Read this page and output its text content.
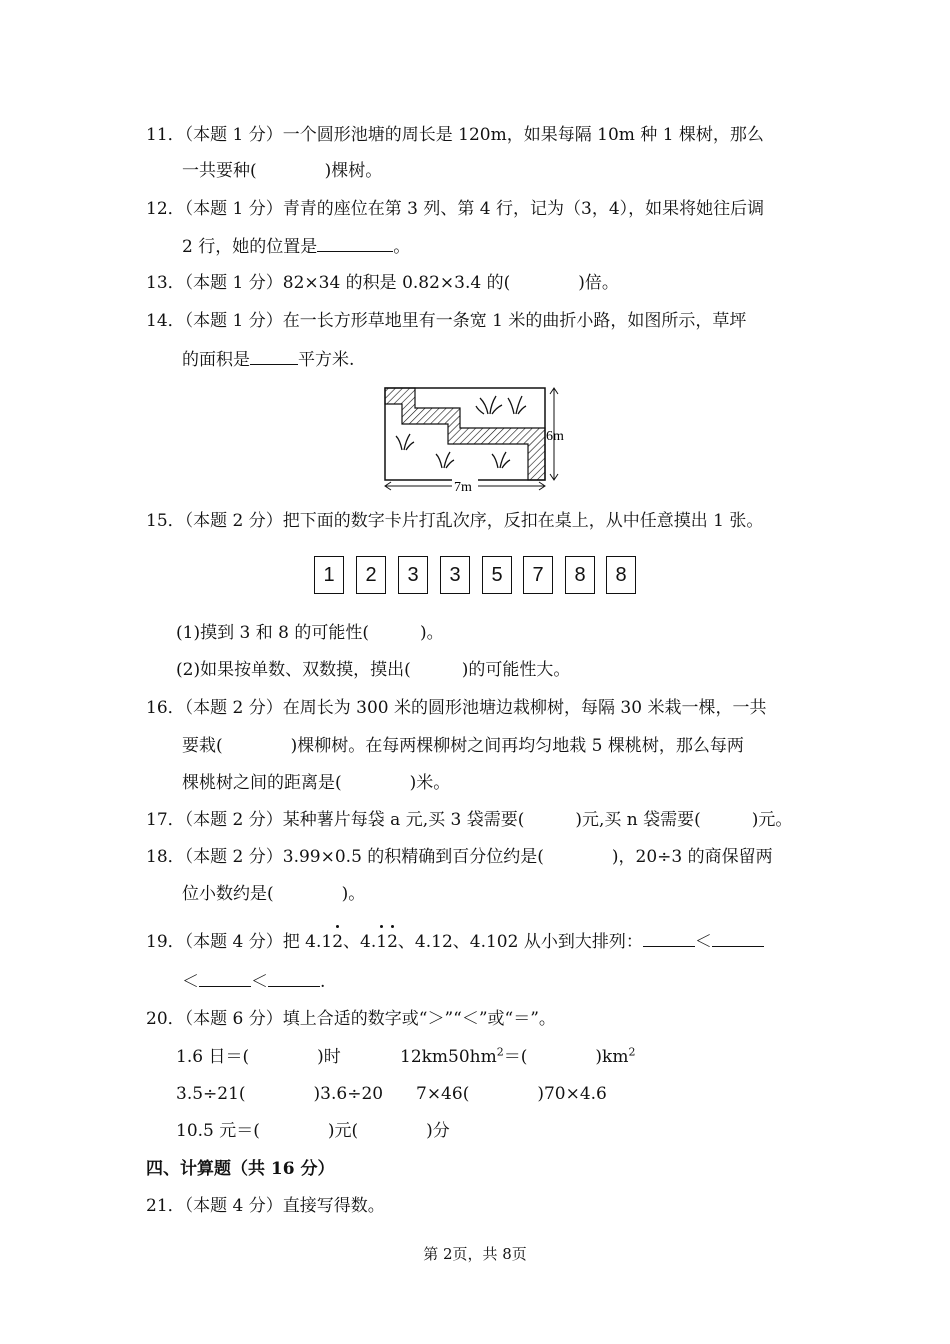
11．（本题 1 分）一个圆形池塘的周长是 120m，如果每隔 10m 种 1 棵树，那么
一共要种(　　　　)棵树。
12．（本题 1 分）青青的座位在第 3 列、第 4 行，记为（3，4），如果将她往后调
2 行，她的位置是	。
13．（本题 1 分）82×34 的积是 0.82×3.4 的(　　　　)倍。
14．（本题 1 分）在一长方形草地里有一条宽 1 米的曲折小路，如图所示，草坪
的面积是	平方米.
6m
7m
15．（本题 2 分）把下面的数字卡片打乱次序，反扣在桌上，从中任意摸出 1 张。
1	2	3	3	5	7	8	8
(1)摸到 3 和 8 的可能性(　　　)。
(2)如果按单数、双数摸，摸出(　　　)的可能性大。
16．（本题 2 分）在周长为 300 米的圆形池塘边栽柳树，每隔 30 米栽一棵，一共
要栽(　　　　)棵柳树。在每两棵柳树之间再均匀地栽 5 棵桃树，那么每两
棵桃树之间的距离是(　　　　)米。
17．（本题 2 分）某种薯片每袋 a 元,买 3 袋需要(　　　)元,买 n 袋需要(　　　)元。
18．（本题 2 分）3.99×0.5 的积精确到百分位约是(　　　　)，20÷3 的商保留两
位小数约是(　　　　)。
19．（本题 4 分）把 4.1
2、4.
1
2、4.12、4.102 从小到大排列：	＜
＜	＜	.
20．（本题 6 分）填上合适的数字或“＞”“＜”或“＝”。
1.6 日＝(　　　　)时	$12km50hm^2=$(　　　　)$km^2$
3.5÷21(　　　　)3.6÷20 7×46(　　　　)70×4.6
10.5 元＝(　　　　)元(　　　　)分
四、计算题（共 16 分）
21．（本题 4 分）直接写得数。
第 2页，共 8页
